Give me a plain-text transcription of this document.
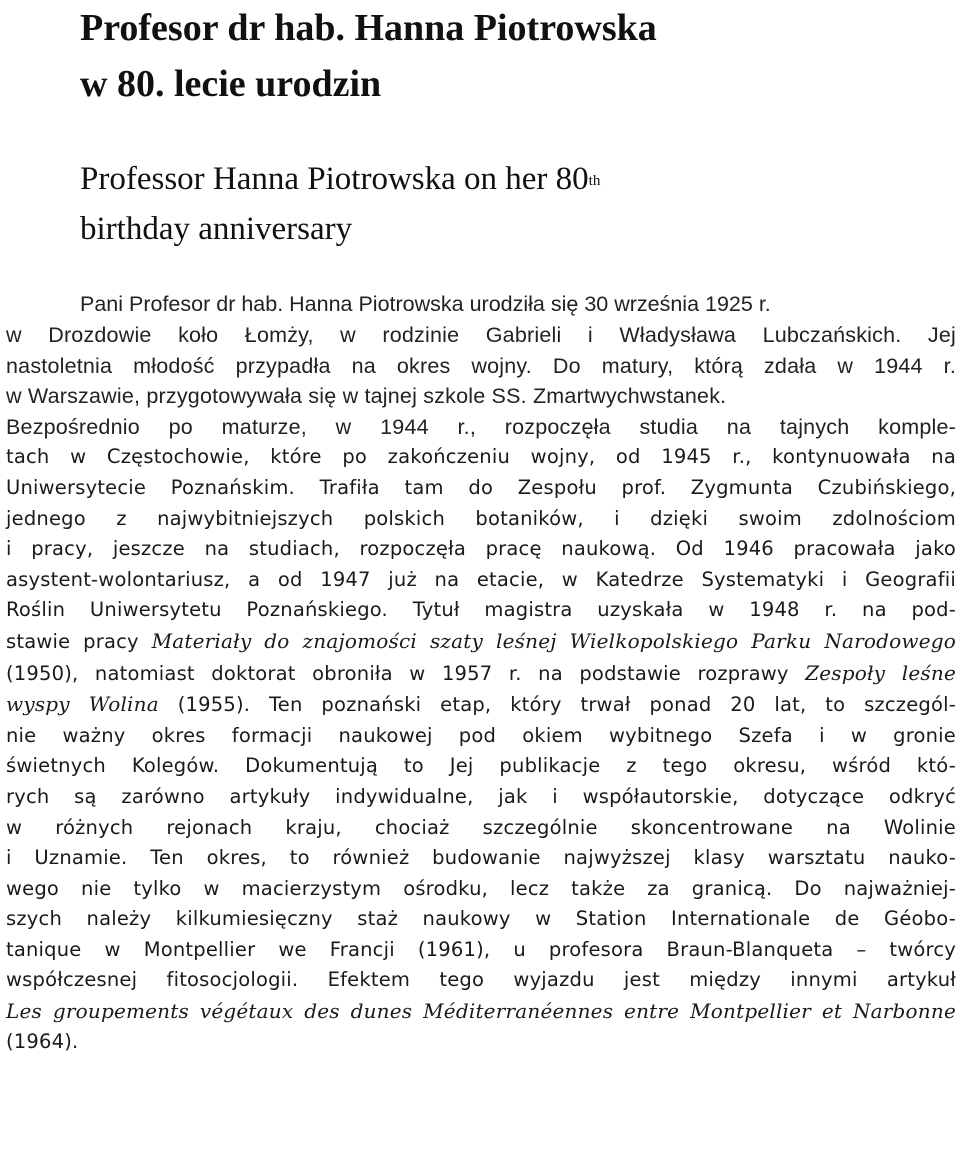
Profesor dr hab. Hanna Piotrowska

w 80. lecie urodzin

Professor Hanna Piotrowska on her 80th

birthday anniversary

Pani Profesor dr hab. Hanna Piotrowska urodziła się 30 września 1925 r.

w Drozdowie koło Łomży, w rodzinie Gabrieli i Władysława Lubczańskich. Jej
nastoletnia młodość przypadła na okres wojny. Do matury, którą zdała w 1944 r.
w Warszawie, przygotowywała się w tajnej szkole SS. Zmartwychwstanek.
Bezpośrednio po maturze, w 1944 r., rozpoczęła studia na tajnych komple-
tach w Częstochowie, które po zakończeniu wojny, od 1945 r., kontynuowała na
Uniwersytecie Poznańskim. Trafiła tam do Zespołu prof. Zygmunta Czubińskiego,
jednego z najwybitniejszych polskich botaników, i dzięki swoim zdolnościom
i pracy, jeszcze na studiach, rozpoczęła pracę naukową. Od 1946 pracowała jako
asystent-wolontariusz, a od 1947 już na etacie, w Katedrze Systematyki i Geografii
Roślin Uniwersytetu Poznańskiego. Tytuł magistra uzyskała w 1948 r. na pod-
stawie pracy Materiały do znajomości szaty leśnej Wielkopolskiego Parku Narodowego
(1950), natomiast doktorat obroniła w 1957 r. na podstawie rozprawy Zespoły leśne
wyspy Wolina (1955). Ten poznański etap, który trwał ponad 20 lat, to szczegól-
nie ważny okres formacji naukowej pod okiem wybitnego Szefa i w gronie
świetnych Kolegów. Dokumentują to Jej publikacje z tego okresu, wśród któ-
rych są zarówno artykuły indywidualne, jak i współautorskie, dotyczące odkryć
w różnych rejonach kraju, chociaż szczególnie skoncentrowane na Wolinie
i Uznamie. Ten okres, to również budowanie najwyższej klasy warsztatu nauko-
wego nie tylko w macierzystym ośrodku, lecz także za granicą. Do najważniej-
szych należy kilkumiesięczny staż naukowy w Station Internationale de Géobo-
tanique w Montpellier we Francji (1961), u profesora Braun-Blanqueta – twórcy
współczesnej fitosocjologii. Efektem tego wyjazdu jest między innymi artykuł
Les groupements végétaux des dunes Méditerranéennes entre Montpellier et Narbonne
(1964).
